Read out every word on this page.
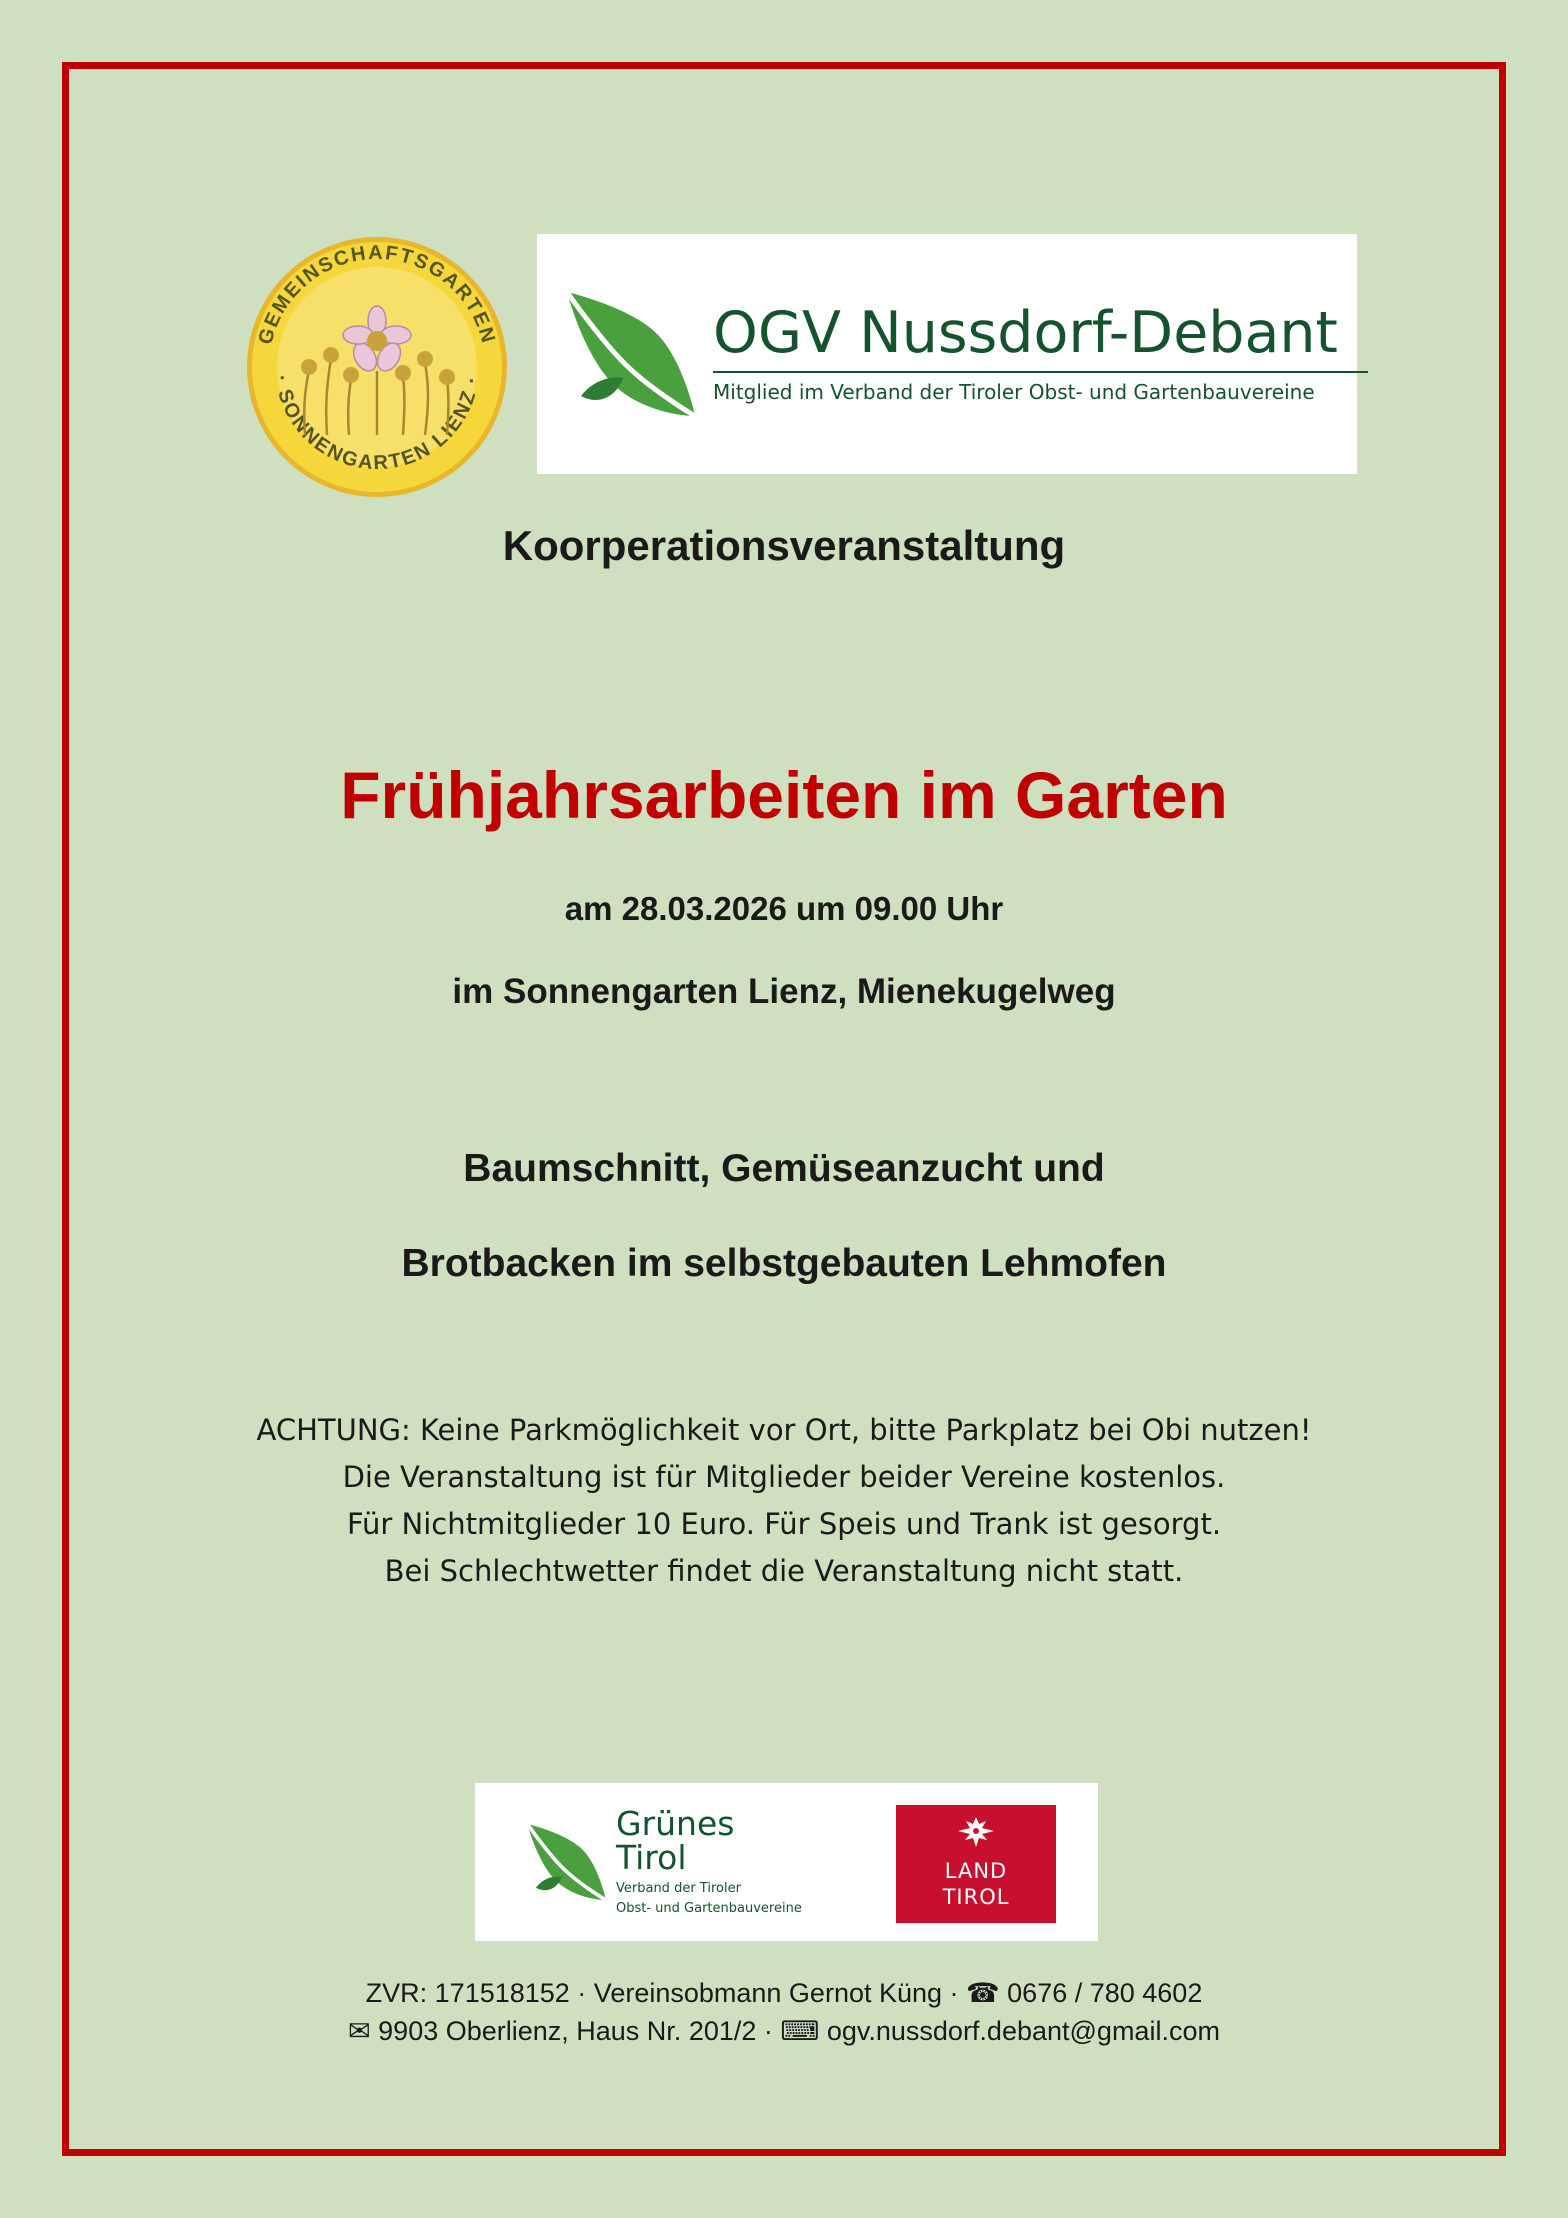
GEMEINSCHAFTSGARTEN
· SONNENGARTEN LIENZ ·
OGV Nussdorf-Debant
Mitglied im Verband der Tiroler Obst- und Gartenbauvereine
Koorperationsveranstaltung
Frühjahrsarbeiten im Garten
am 28.03.2026 um 09.00 Uhr
im Sonnengarten Lienz, Mienekugelweg
Baumschnitt, Gemüseanzucht und
Brotbacken im selbstgebauten Lehmofen
ACHTUNG: Keine Parkmöglichkeit vor Ort, bitte Parkplatz bei Obi nutzen!
Die Veranstaltung ist für Mitglieder beider Vereine kostenlos.
Für Nichtmitglieder 10 Euro. Für Speis und Trank ist gesorgt.
Bei Schlechtwetter findet die Veranstaltung nicht statt.
Grünes
Tirol
Verband der Tiroler
Obst- und Gartenbauvereine
LAND
TIROL
ZVR: 171518152 · Vereinsobmann Gernot Küng · ☎ 0676 / 780 4602
✉ 9903 Oberlienz, Haus Nr. 201/2 · ⌨ ogv.nussdorf.debant@gmail.com
